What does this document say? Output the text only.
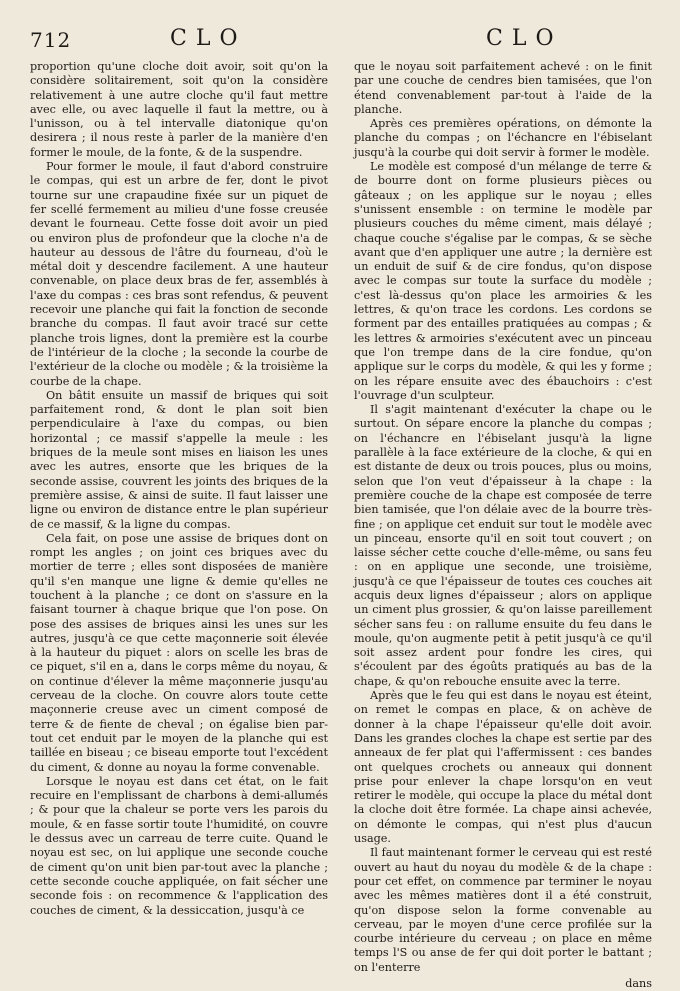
712	CLO	CLO

proportion qu'une cloche doit avoir, soit qu'on la considère solitairement, soit qu'on la considère relativement à une autre cloche qu'il faut mettre avec elle, ou avec laquelle il faut la mettre, ou à l'unisson, ou à tel intervalle diatonique qu'on desirera ; il nous reste à parler de la manière d'en former le moule, de la fonte, & de la suspendre.

Pour former le moule, il faut d'abord construire le compas, qui est un arbre de fer, dont le pivot tourne sur une crapaudine fixée sur un piquet de fer scellé fermement au milieu d'une fosse creusée devant le fourneau. Cette fosse doit avoir un pied ou environ plus de profondeur que la cloche n'a de hauteur au dessous de l'âtre du fourneau, d'où le métal doit y descendre facilement. A une hauteur convenable, on place deux bras de fer, assemblés à l'axe du compas : ces bras sont refendus, & peuvent recevoir une planche qui fait la fonction de seconde branche du compas. Il faut avoir tracé sur cette planche trois lignes, dont la première est la courbe de l'intérieur de la cloche ; la seconde la courbe de l'extérieur de la cloche ou modèle ; & la troisième la courbe de la chape.

On bâtit ensuite un massif de briques qui soit parfaitement rond, & dont le plan soit bien perpendiculaire à l'axe du compas, ou bien horizontal ; ce massif s'appelle la meule : les briques de la meule sont mises en liaison les unes avec les autres, ensorte que les briques de la seconde assise, couvrent les joints des briques de la première assise, & ainsi de suite. Il faut laisser une ligne ou environ de distance entre le plan supérieur de ce massif, & la ligne du compas.

Cela fait, on pose une assise de briques dont on rompt les angles ; on joint ces briques avec du mortier de terre ; elles sont disposées de manière qu'il s'en manque une ligne & demie qu'elles ne touchent à la planche ; ce dont on s'assure en la faisant tourner à chaque brique que l'on pose. On pose des assises de briques ainsi les unes sur les autres, jusqu'à ce que cette maçonnerie soit élevée à la hauteur du piquet : alors on scelle les bras de ce piquet, s'il en a, dans le corps même du noyau, & on continue d'élever la même maçonnerie jusqu'au cerveau de la cloche. On couvre alors toute cette maçonnerie creuse avec un ciment composé de terre & de fiente de cheval ; on égalise bien par-tout cet enduit par le moyen de la planche qui est taillée en biseau ; ce biseau emporte tout l'excédent du ciment, & donne au noyau la forme convenable.

Lorsque le noyau est dans cet état, on le fait recuire en l'emplissant de charbons à demi-allumés ; & pour que la chaleur se porte vers les parois du moule, & en fasse sortir toute l'humidité, on couvre le dessus avec un carreau de terre cuite. Quand le noyau est sec, on lui applique une seconde couche de ciment qu'on unit bien par-tout avec la planche ; cette seconde couche appliquée, on fait sécher une seconde fois : on recommence & l'application des couches de ciment, & la dessiccation, jusqu'à ce

que le noyau soit parfaitement achevé : on le finit par une couche de cendres bien tamisées, que l'on étend convenablement par-tout à l'aide de la planche.

Après ces premières opérations, on démonte la planche du compas ; on l'échancre en l'ébiselant jusqu'à la courbe qui doit servir à former le modèle.

Le modèle est composé d'un mélange de terre & de bourre dont on forme plusieurs pièces ou gâteaux ; on les applique sur le noyau ; elles s'unissent ensemble : on termine le modèle par plusieurs couches du même ciment, mais délayé ; chaque couche s'égalise par le compas, & se sèche avant que d'en appliquer une autre ; la dernière est un enduit de suif & de cire fondus, qu'on dispose avec le compas sur toute la surface du modèle ; c'est là-dessus qu'on place les armoiries & les lettres, & qu'on trace les cordons. Les cordons se forment par des entailles pratiquées au compas ; & les lettres & armoiries s'exécutent avec un pinceau que l'on trempe dans de la cire fondue, qu'on applique sur le corps du modèle, & qui les y forme ; on les répare ensuite avec des ébauchoirs : c'est l'ouvrage d'un sculpteur.

Il s'agit maintenant d'exécuter la chape ou le surtout. On sépare encore la planche du compas ; on l'échancre en l'ébiselant jusqu'à la ligne parallèle à la face extérieure de la cloche, & qui en est distante de deux ou trois pouces, plus ou moins, selon que l'on veut d'épaisseur à la chape : la première couche de la chape est composée de terre bien tamisée, que l'on délaie avec de la bourre très-fine ; on applique cet enduit sur tout le modèle avec un pinceau, ensorte qu'il en soit tout couvert ; on laisse sécher cette couche d'elle-même, ou sans feu : on en applique une seconde, une troisième, jusqu'à ce que l'épaisseur de toutes ces couches ait acquis deux lignes d'épaisseur ; alors on applique un ciment plus grossier, & qu'on laisse pareillement sécher sans feu : on rallume ensuite du feu dans le moule, qu'on augmente petit à petit jusqu'à ce qu'il soit assez ardent pour fondre les cires, qui s'écoulent par des égoûts pratiqués au bas de la chape, & qu'on rebouche ensuite avec la terre.

Après que le feu qui est dans le noyau est éteint, on remet le compas en place, & on achève de donner à la chape l'épaisseur qu'elle doit avoir. Dans les grandes cloches la chape est sertie par des anneaux de fer plat qui l'affermissent : ces bandes ont quelques crochets ou anneaux qui donnent prise pour enlever la chape lorsqu'on en veut retirer le modèle, qui occupe la place du métal dont la cloche doit être formée. La chape ainsi achevée, on démonte le compas, qui n'est plus d'aucun usage.

Il faut maintenant former le cerveau qui est resté ouvert au haut du noyau du modèle & de la chape : pour cet effet, on commence par terminer le noyau avec les mêmes matières dont il a été construit, qu'on dispose selon la forme convenable au cerveau, par le moyen d'une cerce profilée sur la courbe intérieure du cerveau ; on place en même temps l'S ou anse de fer qui doit porter le battant ; on l'enterre

dans
